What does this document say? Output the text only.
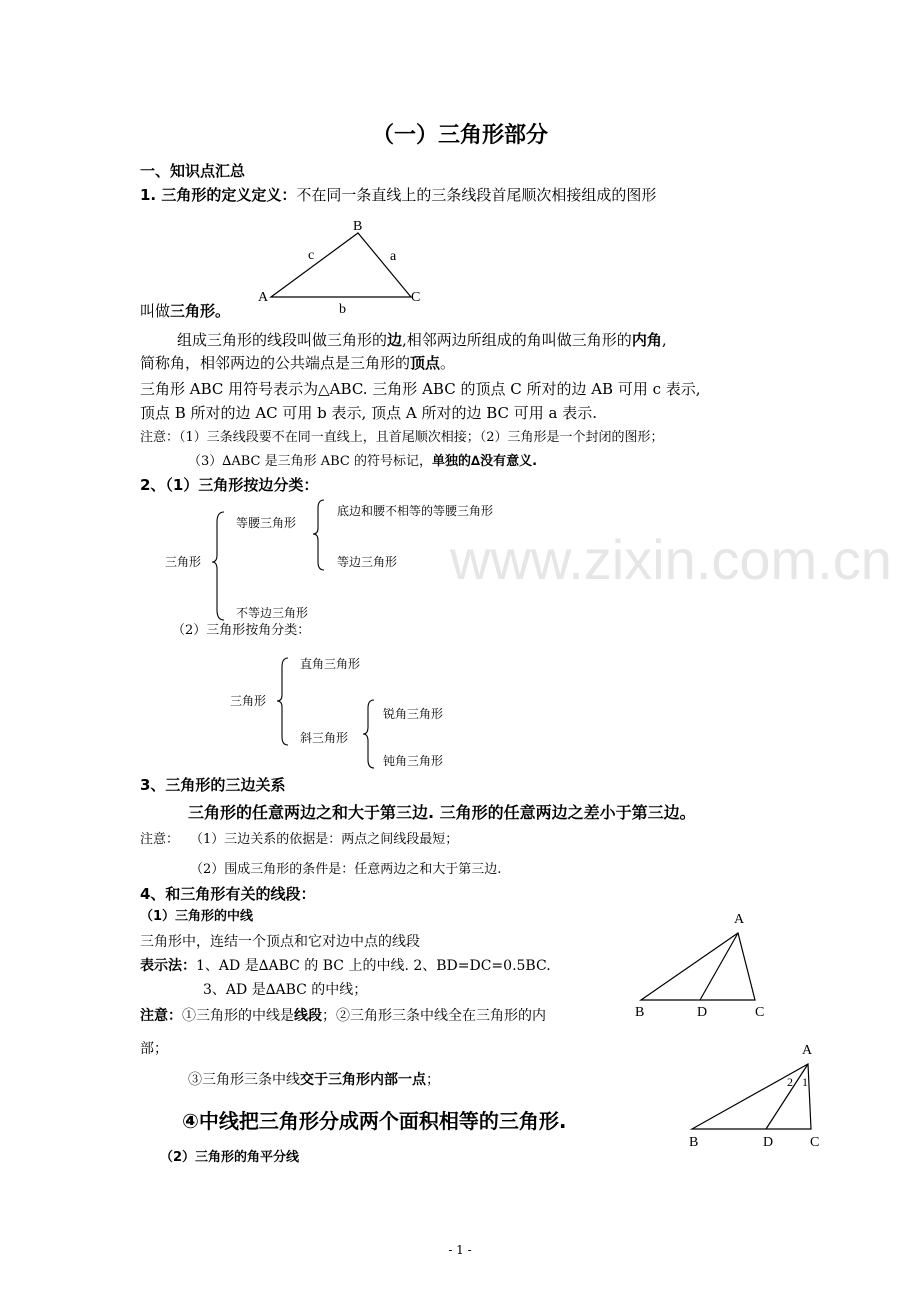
www.zixin.com.cn
（一）三角形部分
一、知识点汇总
1. 三角形的定义定义：不在同一条直线上的三条线段首尾顺次相接组成的图形
A
B
C
c	a
b
叫做三角形。
组成三角形的线段叫做三角形的边,相邻两边所组成的角叫做三角形的内角,
简称角，相邻两边的公共端点是三角形的顶点。
三角形 ABC 用符号表示为△ABC. 三角形 ABC 的顶点 C 所对的边 AB 可用 c 表示,
顶点 B 所对的边 AC 可用 b 表示, 顶点 A 所对的边 BC 可用 a 表示.
注意：（1）三条线段要不在同一直线上，且首尾顺次相接；（2）三角形是一个封闭的图形；
（3）∆ABC 是三角形 ABC 的符号标记，单独的∆没有意义.
2、（1）三角形按边分类：
三角形
等腰三角形
底边和腰不相等的等腰三角形
等边三角形
不等边三角形
（2）三角形按角分类：
三角形
直角三角形
斜三角形
锐角三角形
钝角三角形
3、三角形的三边关系
三角形的任意两边之和大于第三边. 三角形的任意两边之差小于第三边。
注意： （1）三边关系的依据是：两点之间线段最短；
（2）围成三角形的条件是：任意两边之和大于第三边.
4、和三角形有关的线段：
（1）三角形的中线
三角形中，连结一个顶点和它对边中点的线段
表示法：1、AD 是∆ABC 的 BC 上的中线. 2、BD=DC=0.5BC.
3、AD 是∆ABC 的中线；
注意：①三角形的中线是线段；②三角形三条中线全在三角形的内
部；
③三角形三条中线交于三角形内部一点；
④中线把三角形分成两个面积相等的三角形.
（2）三角形的角平分线
A
B	D	C
A
B	D	C
2 1
- 1 -
